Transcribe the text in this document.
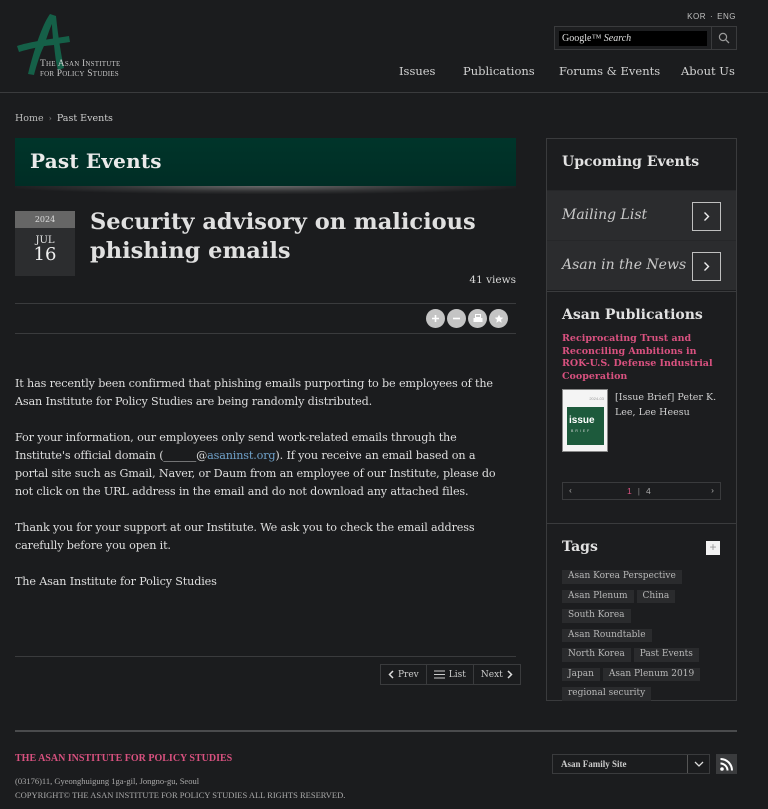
The Asan Institute
for Policy Studies
KOR · ENG
Google™ Search
Issues Publications Forums & Events About Us
Home › Past Events
Past Events
2024
JUL
16
Security advisory on malicious phishing emails
41 views

It has recently been confirmed that phishing emails purporting to be employees of the Asan Institute for Policy Studies are being randomly distributed.

For your information, our employees only send work-related emails through the Institute's official domain (______@asaninst.org). If you receive an email based on a portal site such as Gmail, Naver, or Daum from an employee of our Institute, please do not click on the URL address in the email and do not download any attached files.

Thank you for your support at our Institute. We ask you to check the email address carefully before you open it.

The Asan Institute for Policy Studies

Prev	List Next
Upcoming Events
Mailing List
Asan in the News
Asan Publications
Reciprocating Trust and Reconciling Ambitions in ROK-U.S. Defense Industrial Cooperation
2024-03
issue
BRIEF
[Issue Brief] Peter K. Lee, Lee Heesu
‹	1 | 4	›
Tags	+
Asan Korea Perspective
Asan Plenum	China
South Korea
Asan Roundtable
North Korea	Past Events
Japan	Asan Plenum 2019
regional security
THE ASAN INSTITUTE FOR POLICY STUDIES
(03176)11, Gyeonghuigung 1ga-gil, Jongno-gu, Seoul
COPYRIGHT© THE ASAN INSTITUTE FOR POLICY STUDIES ALL RIGHTS RESERVED.
Asan Family Site
